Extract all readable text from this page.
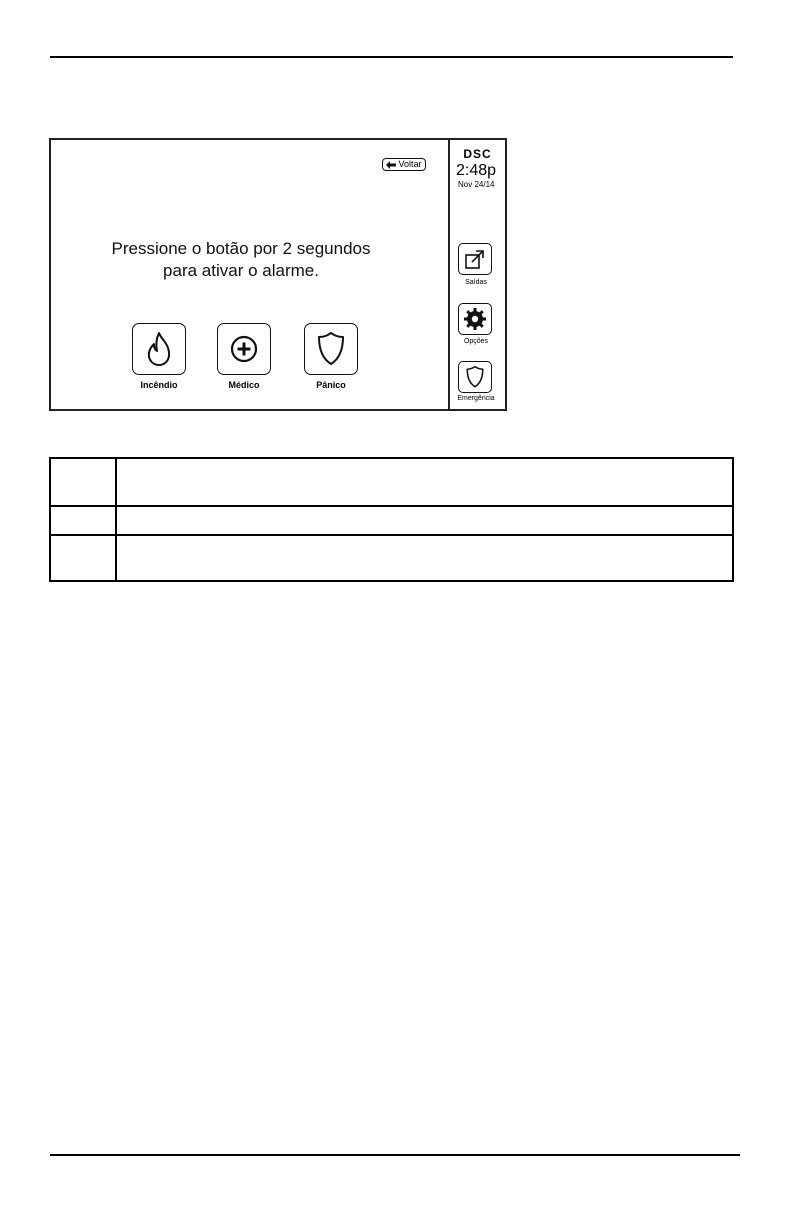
Voltar
Pressione o botão por 2 segundos
para ativar o alarme.
Incêndio	Médico	Pânico
DSC
2:48p
Nov 24/14
Saídas
Opções
Emergência
